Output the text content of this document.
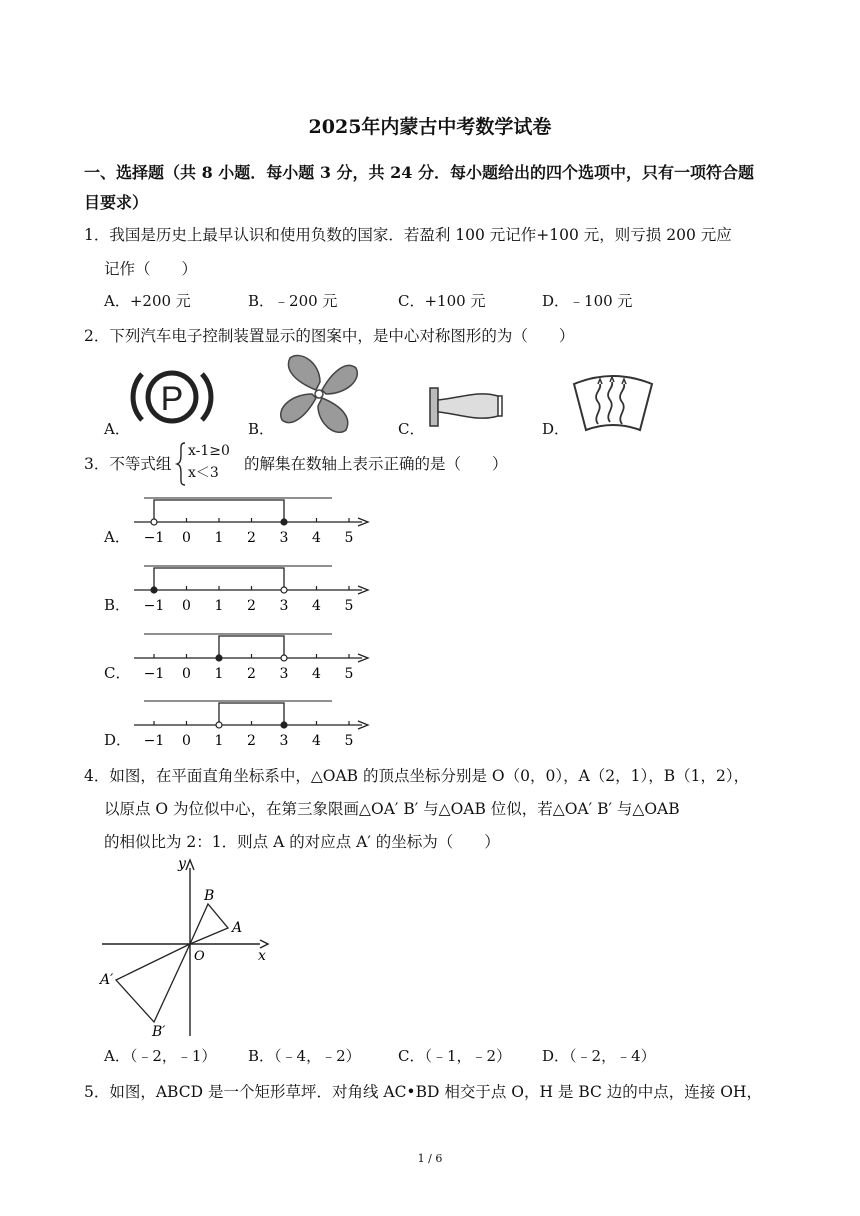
2025年内蒙古中考数学试卷
一、选择题（共 8 小题．每小题 3 分，共 24 分．每小题给出的四个选项中，只有一项符合题
目要求）
1．我国是历史上最早认识和使用负数的国家．若盈利 100 元记作+100 元，则亏损 200 元应
记作（　　）
A．+200 元	B．﹣200 元	C．+100 元	D．﹣100 元
2．下列汽车电子控制装置显示的图案中，是中心对称图形的为（　　）
A．	B．	C．	D．
P
3．不等式组
x-1≥0
x＜3 的解集在数轴上表示正确的是（　　）
A．
B．
C．
D．
−1 0 1 2 3 4 5
−1 0 1 2 3 4 5
−1 0 1 2 3 4 5
−1 0 1 2 3 4 5
4．如图，在平面直角坐标系中，△OAB 的顶点坐标分别是 O（0，0），A（2，1），B（1，2），
以原点 O 为位似中心，在第三象限画△OA′ B′ 与△OAB 位似，若△OA′ B′ 与△OAB
的相似比为 2：1．则点 A 的对应点 A′ 的坐标为（　　）
y
x
O
B
A
A′
B′
A．（﹣2，﹣1） B．（﹣4，﹣2） C．（﹣1，﹣2） D．（﹣2，﹣4）
5．如图，ABCD 是一个矩形草坪．对角线 AC•BD 相交于点 O，H 是 BC 边的中点，连接 OH，
1 / 6
